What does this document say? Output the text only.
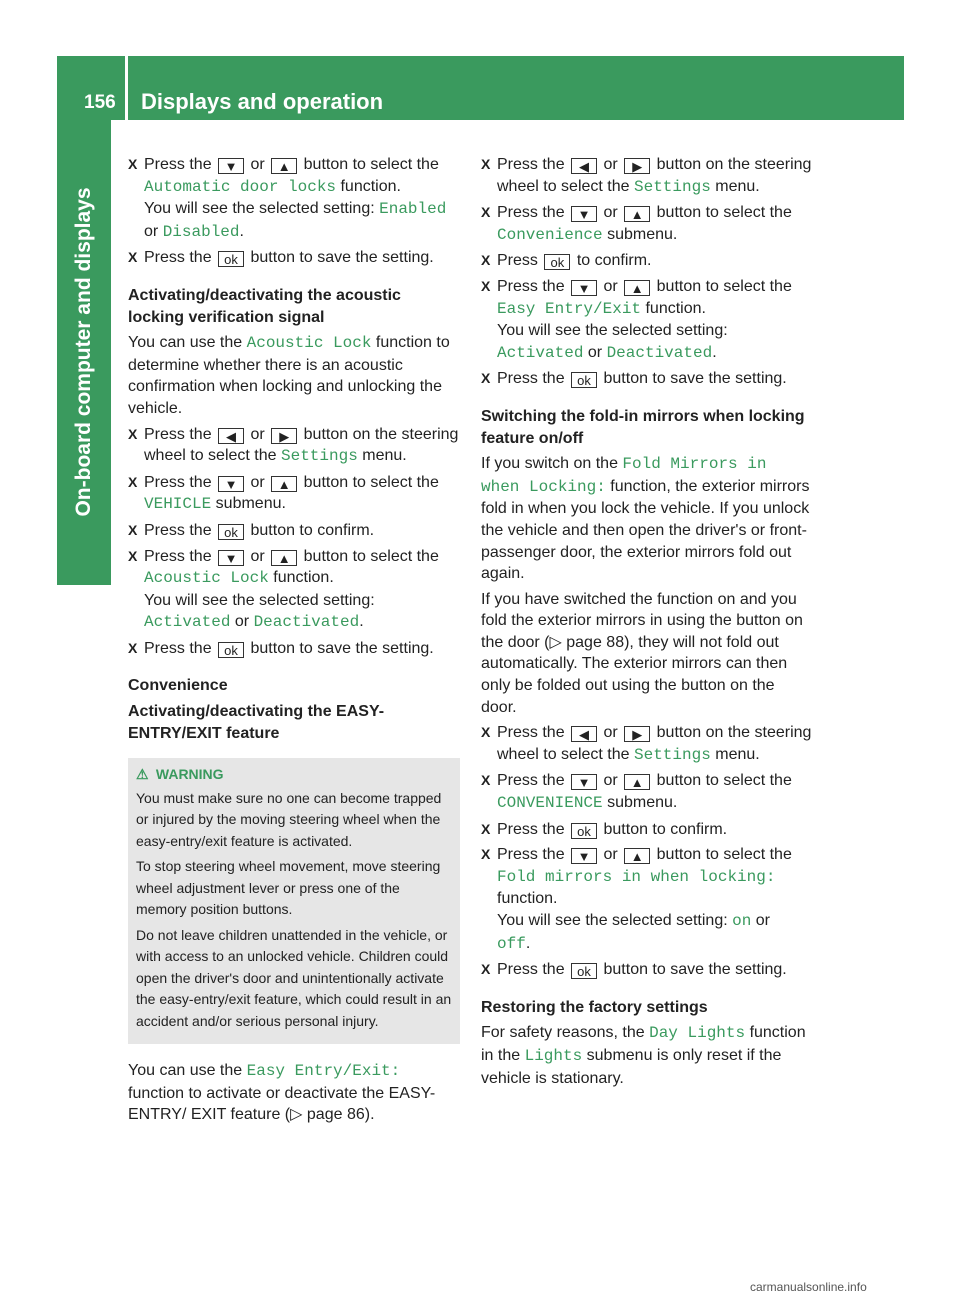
156 Displays and operation
On-board computer and displays
X Press the ▼ or ▲ button to select the Automatic door locks function.
You will see the selected setting: Enabled or Disabled.
X Press the ok button to save the setting.
Activating/deactivating the acoustic locking verification signal
You can use the Acoustic Lock function to determine whether there is an acoustic confirmation when locking and unlocking the vehicle.
X Press the ◀ or ▶ button on the steering wheel to select the Settings menu.
X Press the ▼ or ▲ button to select the VEHICLE submenu.
X Press the ok button to confirm.
X Press the ▼ or ▲ button to select the Acoustic Lock function.
You will see the selected setting:
Activated or Deactivated.
X Press the ok button to save the setting.
Convenience
Activating/deactivating the EASY-ENTRY/EXIT feature
⚠ WARNING
You must make sure no one can become trapped or injured by the moving steering wheel when the easy-entry/exit feature is activated.
To stop steering wheel movement, move steering wheel adjustment lever or press one of the memory position buttons.
Do not leave children unattended in the vehicle, or with access to an unlocked vehicle. Children could open the driver's door and unintentionally activate the easy-entry/exit feature, which could result in an accident and/or serious personal injury.
You can use the Easy Entry/Exit: function to activate or deactivate the EASY-ENTRY/ EXIT feature (▷ page 86).
X Press the ◀ or ▶ button on the steering wheel to select the Settings menu.
X Press the ▼ or ▲ button to select the Convenience submenu.
X Press ok to confirm.
X Press the ▼ or ▲ button to select the Easy Entry/Exit function.
You will see the selected setting:
Activated or Deactivated.
X Press the ok button to save the setting.
Switching the fold-in mirrors when locking feature on/off
If you switch on the Fold Mirrors in when Locking: function, the exterior mirrors fold in when you lock the vehicle. If you unlock the vehicle and then open the driver's or front-passenger door, the exterior mirrors fold out again.
If you have switched the function on and you fold the exterior mirrors in using the button on the door (▷ page 88), they will not fold out automatically. The exterior mirrors can then only be folded out using the button on the door.
X Press the ◀ or ▶ button on the steering wheel to select the Settings menu.
X Press the ▼ or ▲ button to select the CONVENIENCE submenu.
X Press the ok button to confirm.
X Press the ▼ or ▲ button to select the Fold mirrors in when locking:
function.
You will see the selected setting: on or
off.
X Press the ok button to save the setting.
Restoring the factory settings
For safety reasons, the Day Lights function in the Lights submenu is only reset if the vehicle is stationary.
carmanualsonline.info
